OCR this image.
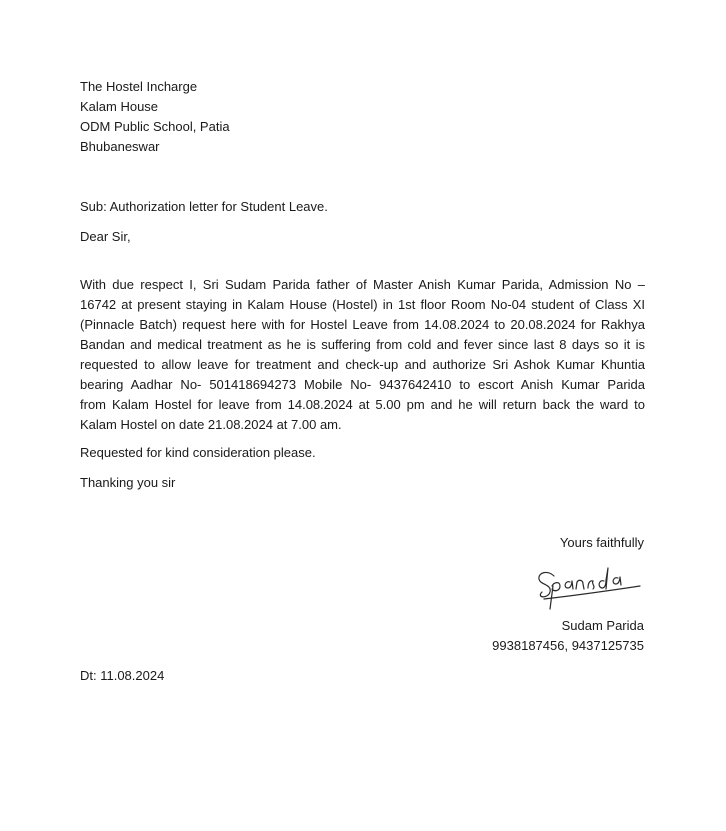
The Hostel Incharge
Kalam House
ODM Public School, Patia
Bhubaneswar
Sub: Authorization letter for Student Leave.
Dear Sir,
With due respect I, Sri Sudam Parida father of Master Anish Kumar Parida, Admission No –
16742 at present staying in Kalam House (Hostel) in 1st floor Room No-04 student of Class XI
(Pinnacle Batch) request here with for Hostel Leave from 14.08.2024 to 20.08.2024 for Rakhya
Bandan and medical treatment as he is suffering from cold and fever since last 8 days so it is
requested to allow leave for treatment and check-up and authorize Sri Ashok Kumar Khuntia
bearing Aadhar No- 501418694273 Mobile No- 9437642410 to escort Anish Kumar Parida
from Kalam Hostel for leave from 14.08.2024 at 5.00 pm and he will return back the ward to
Kalam Hostel on date 21.08.2024 at 7.00 am.
Requested for kind consideration please.
Thanking you sir
Yours faithfully
Sudam Parida
9938187456, 9437125735
Dt: 11.08.2024
